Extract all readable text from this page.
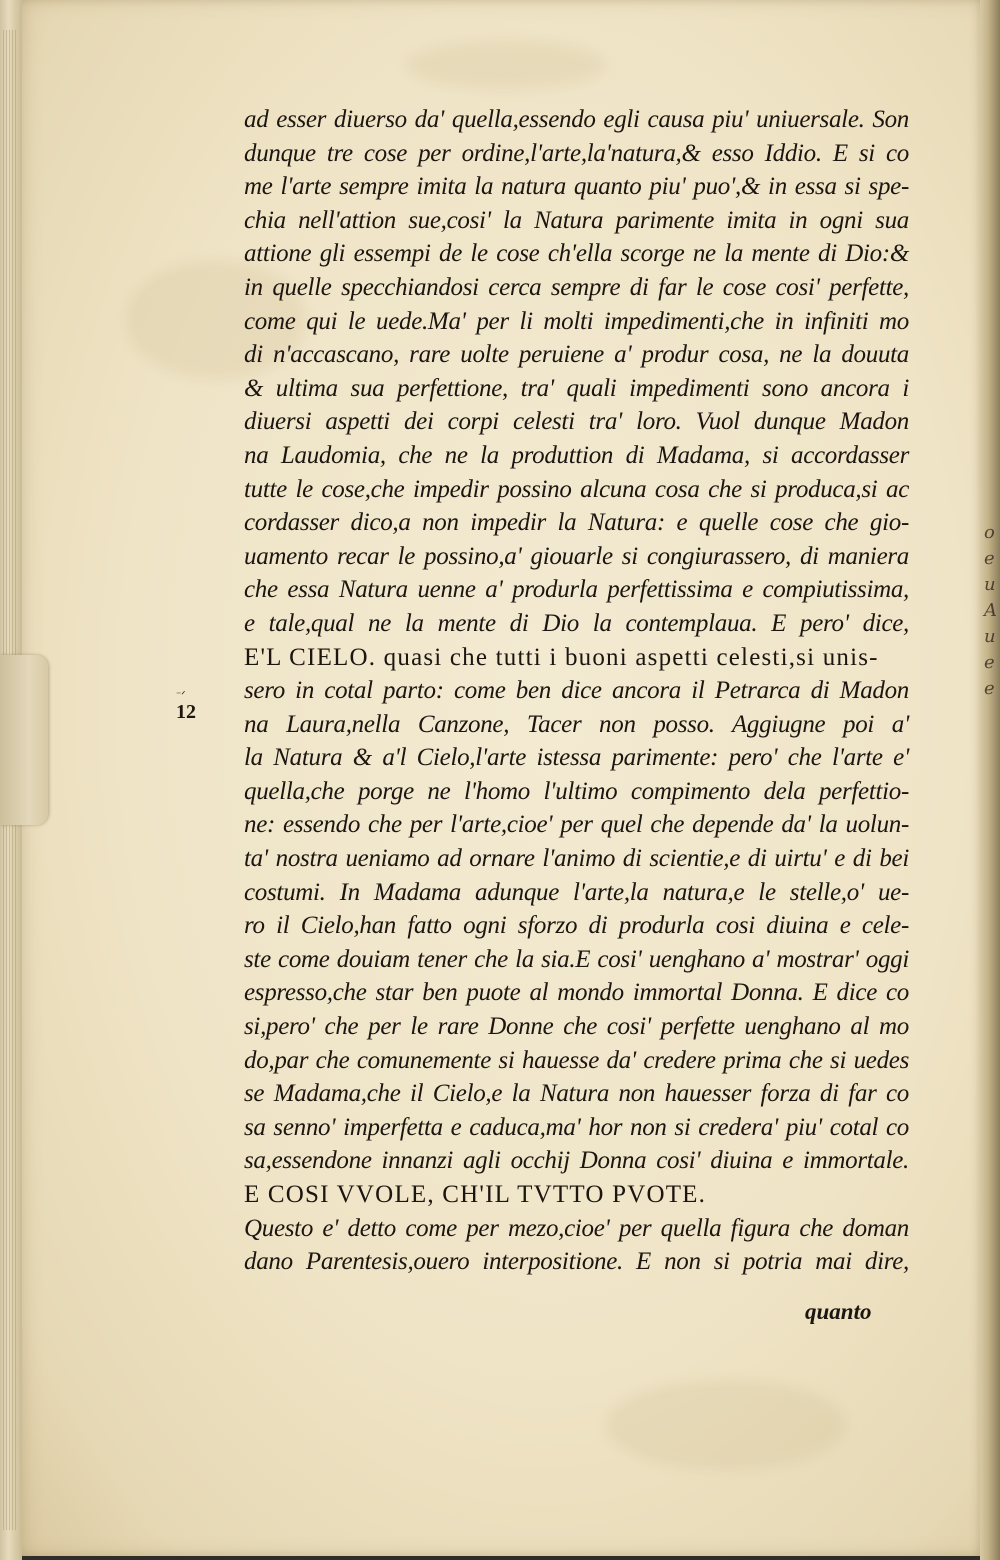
o
e
u
A
u
e
e
⁻ᐟ
12
ad esser diuerso da' quella,essendo egli causa piu' uniuersale. Son
dunque tre cose per ordine,l'arte,la'natura,& esso Iddio. E si co
me l'arte sempre imita la natura quanto piu' puo',& in essa si spe-
chia nell'attion sue,cosi' la Natura parimente imita in ogni sua
attione gli essempi de le cose ch'ella scorge ne la mente di Dio:&
in quelle specchiandosi cerca sempre di far le cose cosi' perfette,
come qui le uede.Ma' per li molti impedimenti,che in infiniti mo
di n'accascano, rare uolte peruiene a' produr cosa, ne la douuta
& ultima sua perfettione, tra' quali impedimenti sono ancora i
diuersi aspetti dei corpi celesti tra' loro. Vuol dunque Madon
na Laudomia, che ne la produttion di Madama, si accordasser
tutte le cose,che impedir possino alcuna cosa che si produca,si ac
cordasser dico,a non impedir la Natura: e quelle cose che gio-
uamento recar le possino,a' giouarle si congiurassero, di maniera
che essa Natura uenne a' produrla perfettissima e compiutissima,
e tale,qual ne la mente di Dio la contemplaua. E pero' dice,
E'L CIELO. quasi che tutti i buoni aspetti celesti,si unis-
sero in cotal parto: come ben dice ancora il Petrarca di Madon
na Laura,nella Canzone, Tacer non posso. Aggiugne poi a'
la Natura & a'l Cielo,l'arte istessa parimente: pero' che l'arte e'
quella,che porge ne l'homo l'ultimo compimento dela perfettio-
ne: essendo che per l'arte,cioe' per quel che depende da' la uolun-
ta' nostra ueniamo ad ornare l'animo di scientie,e di uirtu' e di bei
costumi. In Madama adunque l'arte,la natura,e le stelle,o' ue-
ro il Cielo,han fatto ogni sforzo di produrla cosi diuina e cele-
ste come douiam tener che la sia.E cosi' uenghano a' mostrar' oggi
espresso,che star ben puote al mondo immortal Donna. E dice co
si,pero' che per le rare Donne che cosi' perfette uenghano al mo
do,par che comunemente si hauesse da' credere prima che si uedes
se Madama,che il Cielo,e la Natura non hauesser forza di far co
sa senno' imperfetta e caduca,ma' hor non si credera' piu' cotal co
sa,essendone innanzi agli occhij Donna cosi' diuina e immortale.
E COSI VVOLE, CH'IL TVTTO PVOTE.
Questo e' detto come per mezo,cioe' per quella figura che doman
dano Parentesis,ouero interpositione. E non si potria mai dire,
quanto
